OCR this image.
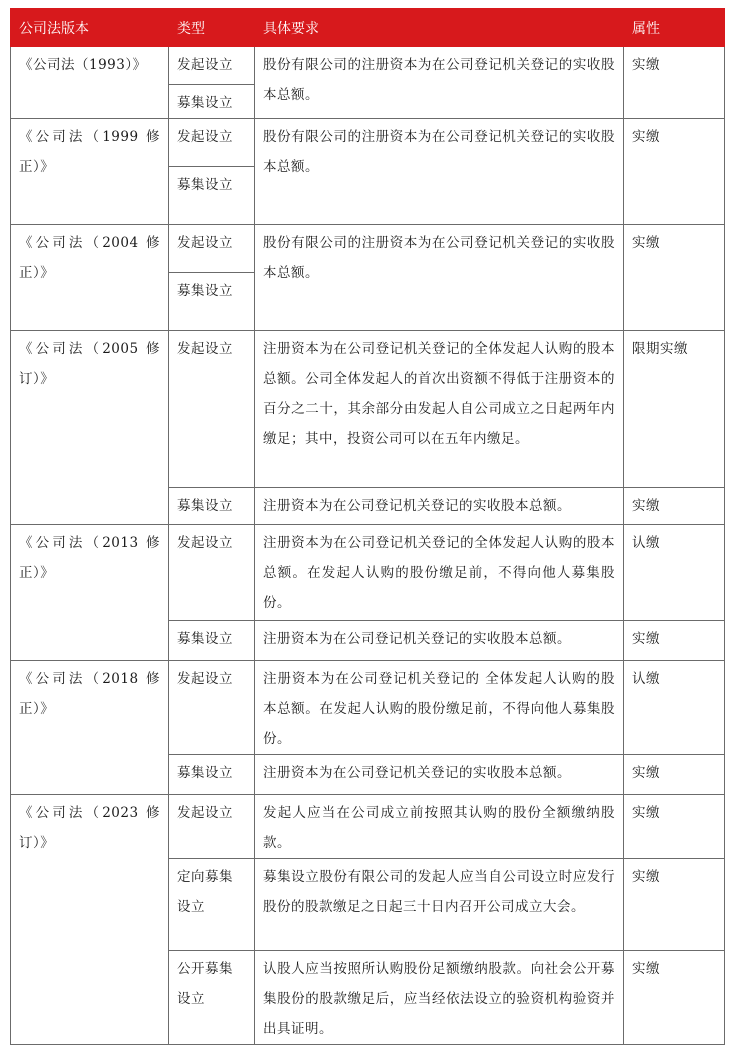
公司法版本	类型	具体要求	属性
《公司法（1993）》	发起设立	股份有限公司的注册资本为在公司登记机关登记的实收股本总额。	实缴
	募集设立		
《公司法（1999 修正）》	发起设立	股份有限公司的注册资本为在公司登记机关登记的实收股本总额。	实缴
	募集设立		
《公司法（2004 修正）》	发起设立	股份有限公司的注册资本为在公司登记机关登记的实收股本总额。	实缴
	募集设立		
《公司法（2005 修订）》	发起设立	注册资本为在公司登记机关登记的全体发起人认购的股本总额。公司全体发起人的首次出资额不得低于注册资本的百分之二十，其余部分由发起人自公司成立之日起两年内缴足；其中，投资公司可以在五年内缴足。	限期实缴
	募集设立	注册资本为在公司登记机关登记的实收股本总额。	实缴
《公司法（2013 修正）》	发起设立	注册资本为在公司登记机关登记的全体发起人认购的股本总额。在发起人认购的股份缴足前，不得向他人募集股份。	认缴
	募集设立	注册资本为在公司登记机关登记的实收股本总额。	实缴
《公司法（2018 修正）》	发起设立	注册资本为在公司登记机关登记的 全体发起人认购的股本总额。在发起人认购的股份缴足前，不得向他人募集股份。	认缴
	募集设立	注册资本为在公司登记机关登记的实收股本总额。	实缴
《公司法（2023 修订）》	发起设立	发起人应当在公司成立前按照其认购的股份全额缴纳股款。	实缴
	定向募集设立	募集设立股份有限公司的发起人应当自公司设立时应发行股份的股款缴足之日起三十日内召开公司成立大会。	实缴
	公开募集设立	认股人应当按照所认购股份足额缴纳股款。向社会公开募集股份的股款缴足后，应当经依法设立的验资机构验资并出具证明。	实缴
